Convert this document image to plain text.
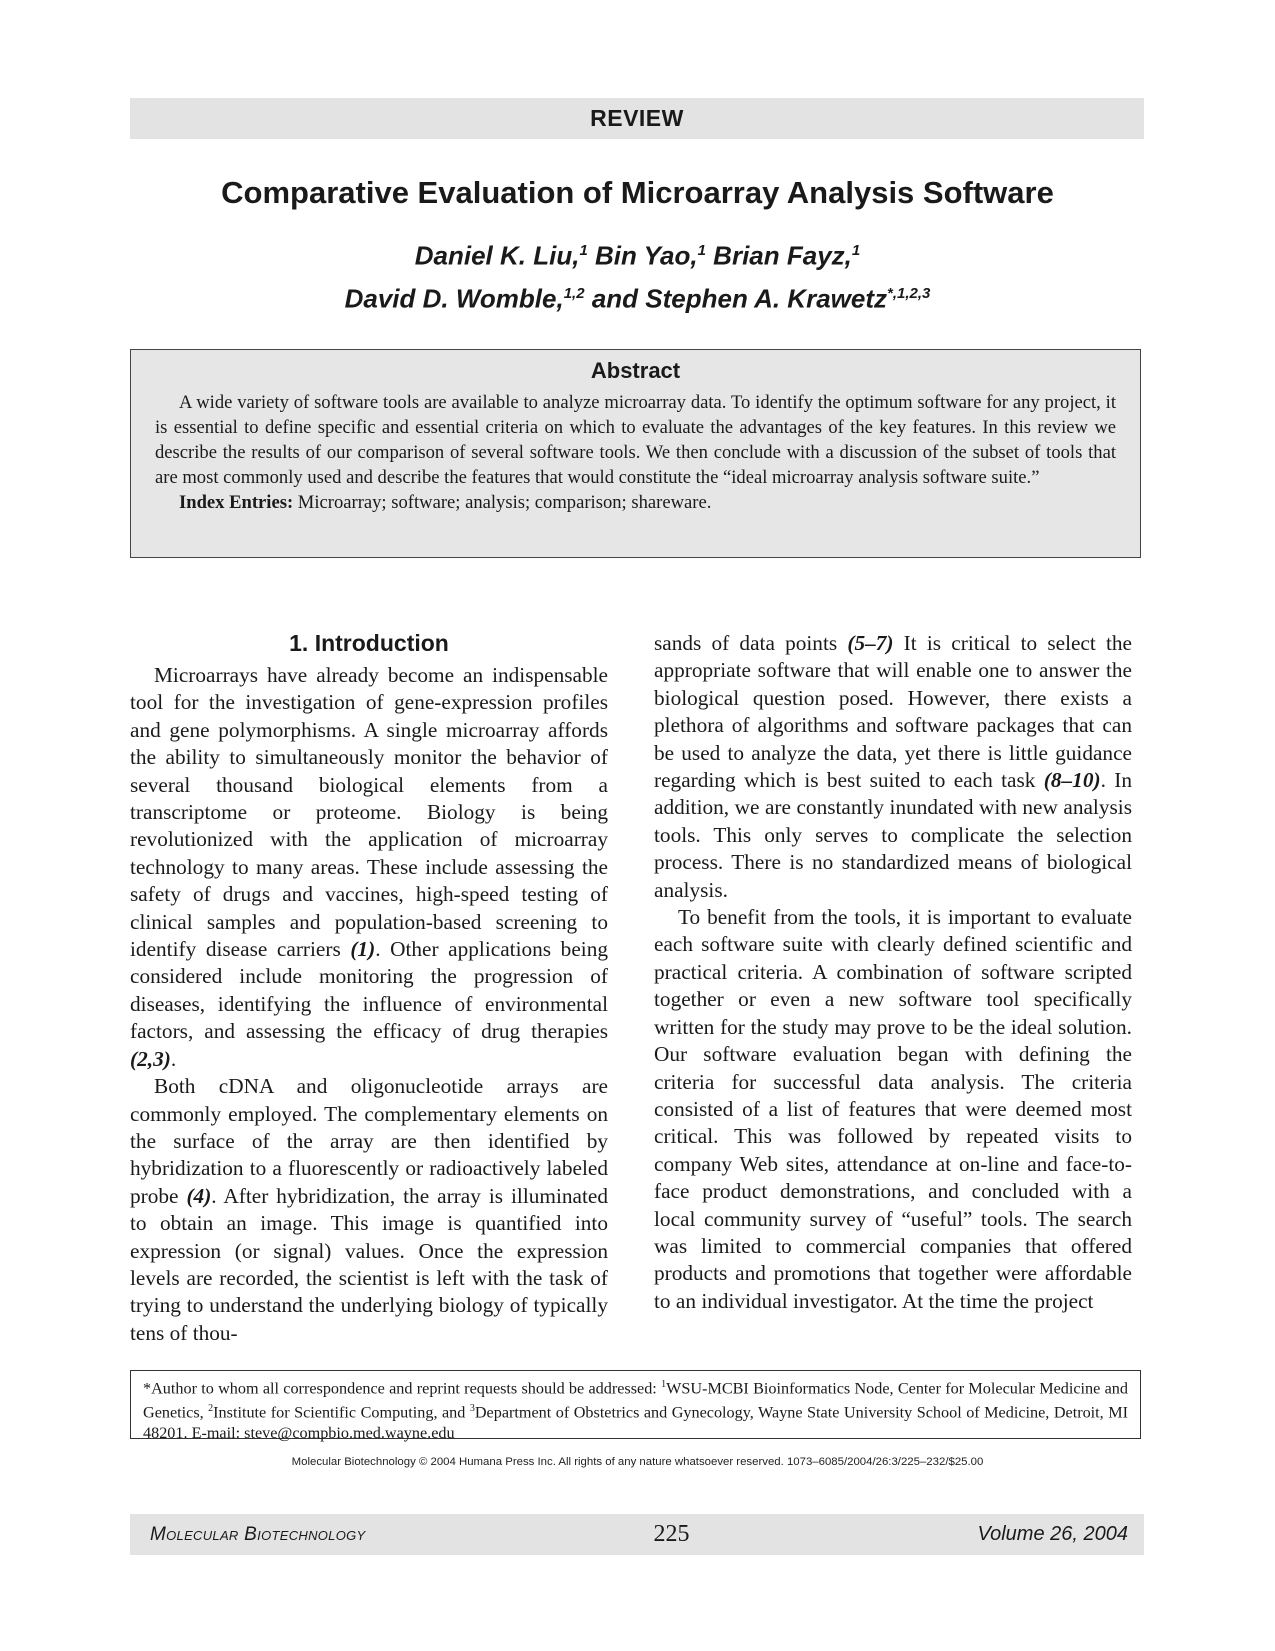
REVIEW
Comparative Evaluation of Microarray Analysis Software
Daniel K. Liu,$^1$ Bin Yao,$^1$ Brian Fayz,$^1$
David D. Womble,$^{1,2}$ and Stephen A. Krawetz$^{*,1,2,3}$
Abstract

A wide variety of software tools are available to analyze microarray data. To identify the optimum software for any project, it is essential to define specific and essential criteria on which to evaluate the advantages of the key features. In this review we describe the results of our comparison of several software tools. We then conclude with a discussion of the subset of tools that are most commonly used and describe the features that would constitute the “ideal microarray analysis software suite.”

Index Entries: Microarray; software; analysis; comparison; shareware.

1. Introduction

Microarrays have already become an indispensable tool for the investigation of gene-expression profiles and gene polymorphisms. A single microarray affords the ability to simultaneously monitor the behavior of several thousand biological elements from a transcriptome or proteome. Biology is being revolutionized with the application of microarray technology to many areas. These include assessing the safety of drugs and vaccines, high-speed testing of clinical samples and population-based screening to identify disease carriers (1). Other applications being considered include monitoring the progression of diseases, identifying the influence of environmental factors, and assessing the efficacy of drug therapies (2,3).

Both cDNA and oligonucleotide arrays are commonly employed. The complementary elements on the surface of the array are then identified by hybridization to a fluorescently or radioactively labeled probe (4). After hybridization, the array is illuminated to obtain an image. This image is quantified into expression (or signal) values. Once the expression levels are recorded, the scientist is left with the task of trying to understand the underlying biology of typically tens of thou-

sands of data points (5–7) It is critical to select the appropriate software that will enable one to answer the biological question posed. However, there exists a plethora of algorithms and software packages that can be used to analyze the data, yet there is little guidance regarding which is best suited to each task (8–10). In addition, we are constantly inundated with new analysis tools. This only serves to complicate the selection process. There is no standardized means of biological analysis.

To benefit from the tools, it is important to evaluate each software suite with clearly defined scientific and practical criteria. A combination of software scripted together or even a new software tool specifically written for the study may prove to be the ideal solution. Our software evaluation began with defining the criteria for successful data analysis. The criteria consisted of a list of features that were deemed most critical. This was followed by repeated visits to company Web sites, attendance at on-line and face-to-face product demonstrations, and concluded with a local community survey of “useful” tools. The search was limited to commercial companies that offered products and promotions that together were affordable to an individual investigator. At the time the project

*Author to whom all correspondence and reprint requests should be addressed: $^1$WSU-MCBI Bioinformatics Node, Center for Molecular Medicine and Genetics, $^2$Institute for Scientific Computing, and $^3$Department of Obstetrics and Gynecology, Wayne State University School of Medicine, Detroit, MI 48201. E-mail: steve@compbio.med.wayne.edu
Molecular Biotechnology © 2004 Humana Press Inc. All rights of any nature whatsoever reserved. 1073–6085/2004/26:3/225–232/$25.00
Molecular Biotechnology	225	Volume 26, 2004
